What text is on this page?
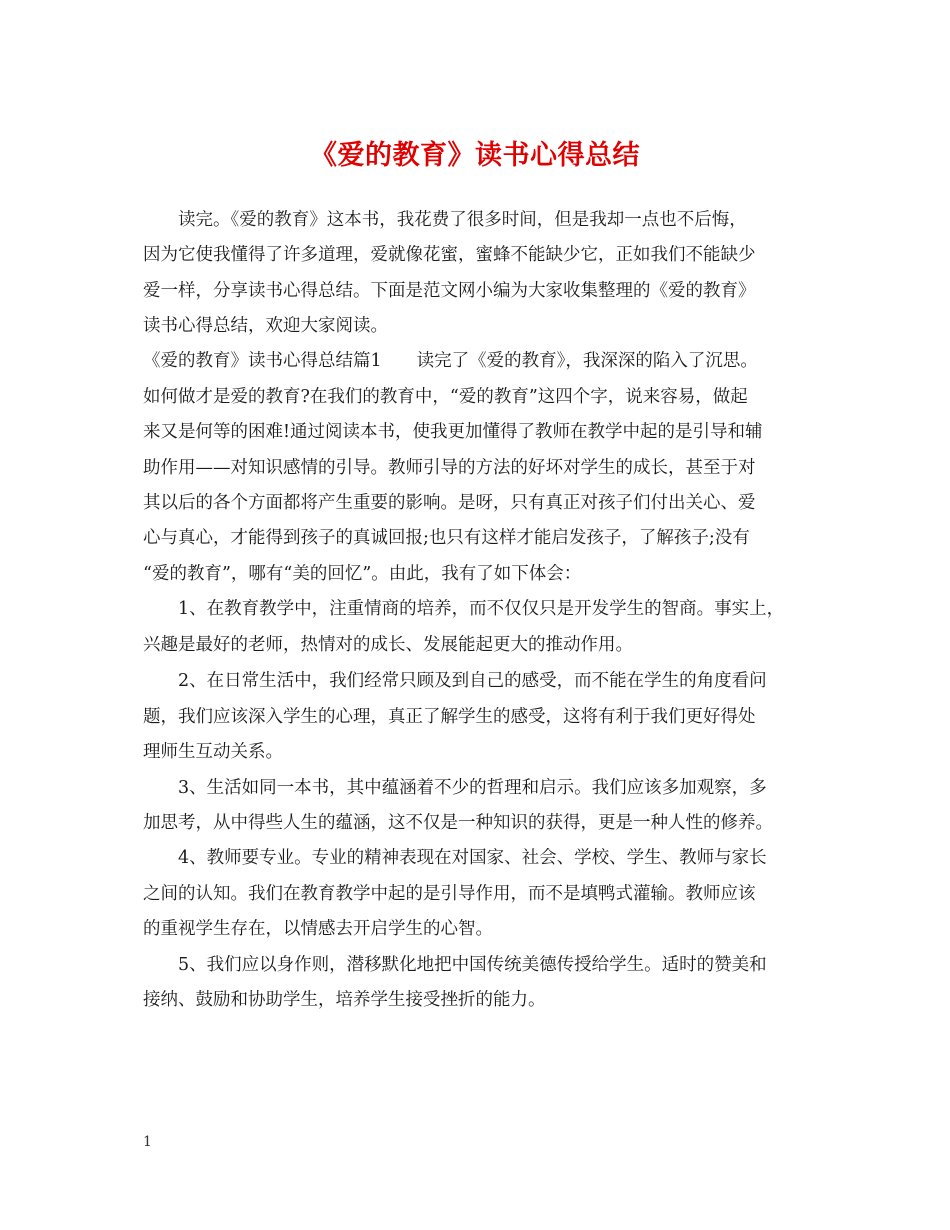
《爱的教育》读书心得总结
　　读完。《爱的教育》这本书，我花费了很多时间，但是我却一点也不后悔，
因为它使我懂得了许多道理，爱就像花蜜，蜜蜂不能缺少它，正如我们不能缺少
爱一样，分享读书心得总结。下面是范文网小编为大家收集整理的《爱的教育》
读书心得总结，欢迎大家阅读。
《爱的教育》读书心得总结篇1　　读完了《爱的教育》，我深深的陷入了沉思。
如何做才是爱的教育?在我们的教育中，“爱的教育”这四个字，说来容易，做起
来又是何等的困难!通过阅读本书，使我更加懂得了教师在教学中起的是引导和辅
助作用——对知识感情的引导。教师引导的方法的好坏对学生的成长，甚至于对
其以后的各个方面都将产生重要的影响。是呀，只有真正对孩子们付出关心、爱
心与真心，才能得到孩子的真诚回报;也只有这样才能启发孩子，了解孩子;没有
“爱的教育”，哪有“美的回忆”。由此，我有了如下体会：
　　1、在教育教学中，注重情商的培养，而不仅仅只是开发学生的智商。事实上，
兴趣是最好的老师，热情对的成长、发展能起更大的推动作用。
　　2、在日常生活中，我们经常只顾及到自己的感受，而不能在学生的角度看问
题，我们应该深入学生的心理，真正了解学生的感受，这将有利于我们更好得处
理师生互动关系。
　　3、生活如同一本书，其中蕴涵着不少的哲理和启示。我们应该多加观察，多
加思考，从中得些人生的蕴涵，这不仅是一种知识的获得，更是一种人性的修养。
　　4、教师要专业。专业的精神表现在对国家、社会、学校、学生、教师与家长
之间的认知。我们在教育教学中起的是引导作用，而不是填鸭式灌输。教师应该
的重视学生存在，以情感去开启学生的心智。
　　5、我们应以身作则，潜移默化地把中国传统美德传授给学生。适时的赞美和
接纳、鼓励和协助学生，培养学生接受挫折的能力。
1
